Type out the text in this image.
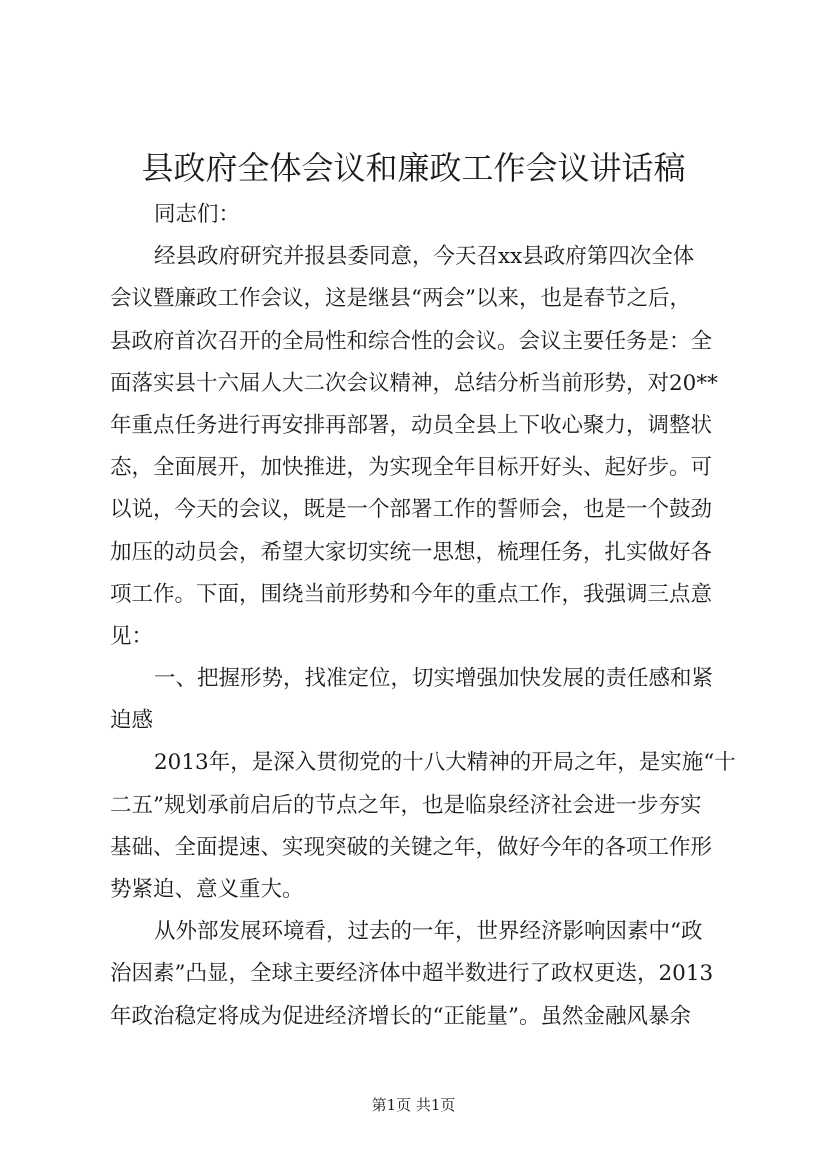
县政府全体会议和廉政工作会议讲话稿
同志们：
经县政府研究并报县委同意，今天召xx县政府第四次全体
会议暨廉政工作会议，这是继县“两会”以来，也是春节之后，
县政府首次召开的全局性和综合性的会议。会议主要任务是：全
面落实县十六届人大二次会议精神，总结分析当前形势，对20**
年重点任务进行再安排再部署，动员全县上下收心聚力，调整状
态，全面展开，加快推进，为实现全年目标开好头、起好步。可
以说，今天的会议，既是一个部署工作的誓师会，也是一个鼓劲
加压的动员会，希望大家切实统一思想，梳理任务，扎实做好各
项工作。下面，围绕当前形势和今年的重点工作，我强调三点意
见：
一、把握形势，找准定位，切实增强加快发展的责任感和紧
迫感
2013年，是深入贯彻党的十八大精神的开局之年，是实施“十
二五”规划承前启后的节点之年，也是临泉经济社会进一步夯实
基础、全面提速、实现突破的关键之年，做好今年的各项工作形
势紧迫、意义重大。
从外部发展环境看，过去的一年，世界经济影响因素中“政
治因素”凸显，全球主要经济体中超半数进行了政权更迭，2013
年政治稳定将成为促进经济增长的“正能量”。虽然金融风暴余
第1页 共1页
